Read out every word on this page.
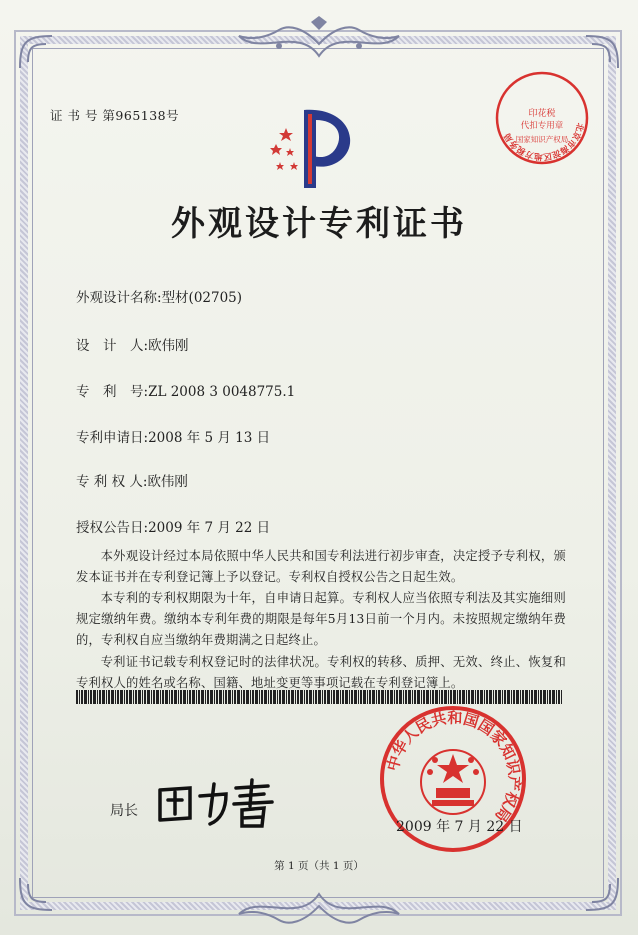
证 书 号 第965138号
外观设计专利证书
外观设计名称:型材(02705)
设　计　人:欧伟刚
专　利　号:ZL 2008 3 0048775.1
专利申请日:2008 年 5 月 13 日
专 利 权 人:欧伟刚
授权公告日:2009 年 7 月 22 日
本外观设计经过本局依照中华人民共和国专利法进行初步审查，决定授予专利权，颁发本证书并在专利登记簿上予以登记。专利权自授权公告之日起生效。
本专利的专利权期限为十年，自申请日起算。专利权人应当依照专利法及其实施细则规定缴纳年费。缴纳本专利年费的期限是每年5月13日前一个月内。未按照规定缴纳年费的，专利权自应当缴纳年费期满之日起终止。
专利证书记载专利权登记时的法律状况。专利权的转移、质押、无效、终止、恢复和专利权人的姓名或名称、国籍、地址变更等事项记载在专利登记簿上。
局长
中华人民共和国国家知识产权局
北京市海淀区地方税务局
印花税
代扣专用章
国家知识产权局
2009 年 7 月 22 日
第 1 页（共 1 页）
